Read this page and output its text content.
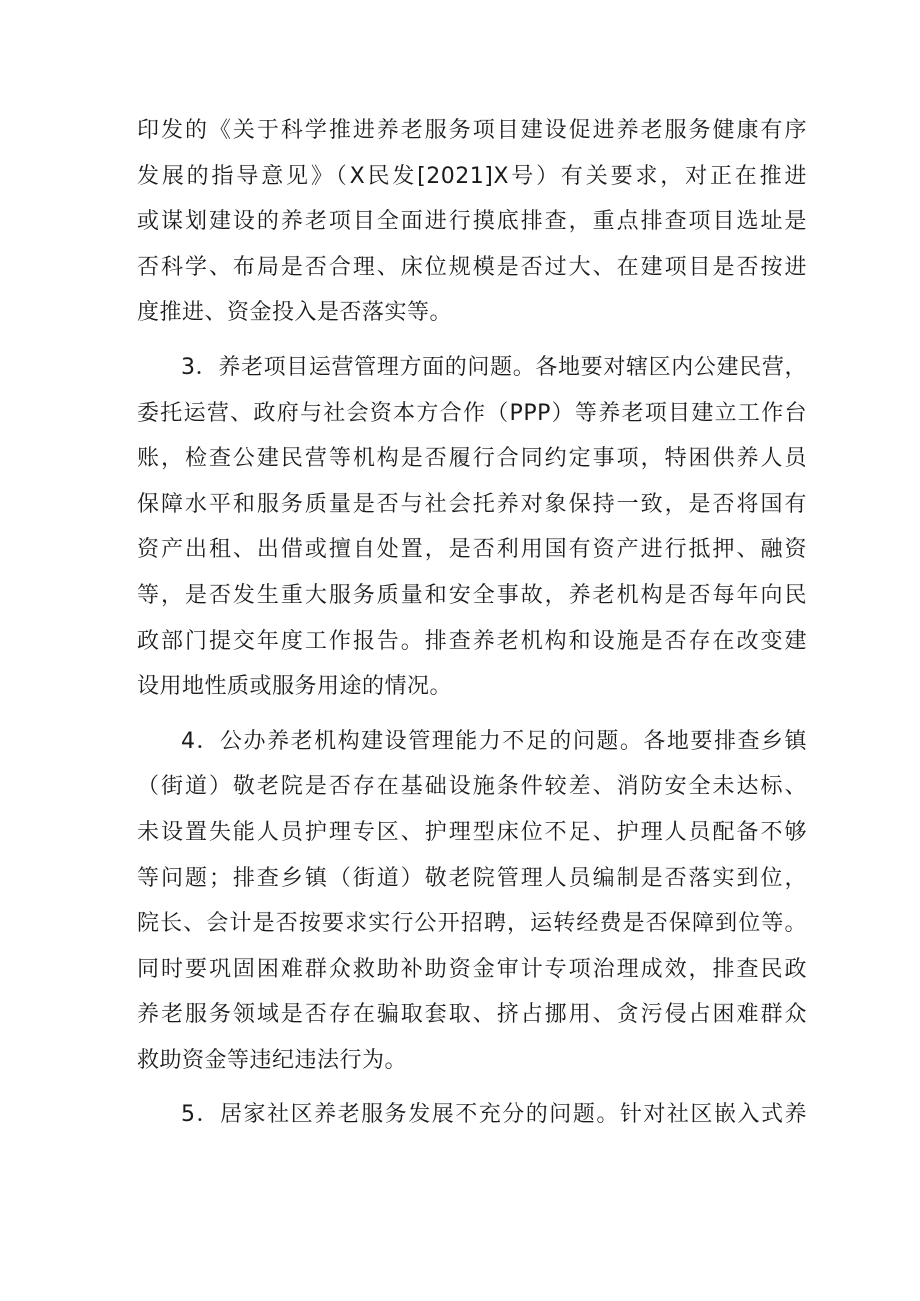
印发的《关于科学推进养老服务项目建设促进养老服务健康有序
发展的指导意见》（X民发[2021]X号）有关要求，对正在推进
或谋划建设的养老项目全面进行摸底排查，重点排查项目选址是
否科学、布局是否合理、床位规模是否过大、在建项目是否按进
度推进、资金投入是否落实等。
3．养老项目运营管理方面的问题。各地要对辖区内公建民营，
委托运营、政府与社会资本方合作（PPP）等养老项目建立工作台
账，检查公建民营等机构是否履行合同约定事项，特困供养人员
保障水平和服务质量是否与社会托养对象保持一致，是否将国有
资产出租、出借或擅自处置，是否利用国有资产进行抵押、融资
等，是否发生重大服务质量和安全事故，养老机构是否每年向民
政部门提交年度工作报告。排查养老机构和设施是否存在改变建
设用地性质或服务用途的情况。
4．公办养老机构建设管理能力不足的问题。各地要排查乡镇
（街道）敬老院是否存在基础设施条件较差、消防安全未达标、
未设置失能人员护理专区、护理型床位不足、护理人员配备不够
等问题；排查乡镇（街道）敬老院管理人员编制是否落实到位，
院长、会计是否按要求实行公开招聘，运转经费是否保障到位等。
同时要巩固困难群众救助补助资金审计专项治理成效，排查民政
养老服务领域是否存在骗取套取、挤占挪用、贪污侵占困难群众
救助资金等违纪违法行为。
5．居家社区养老服务发展不充分的问题。针对社区嵌入式养
